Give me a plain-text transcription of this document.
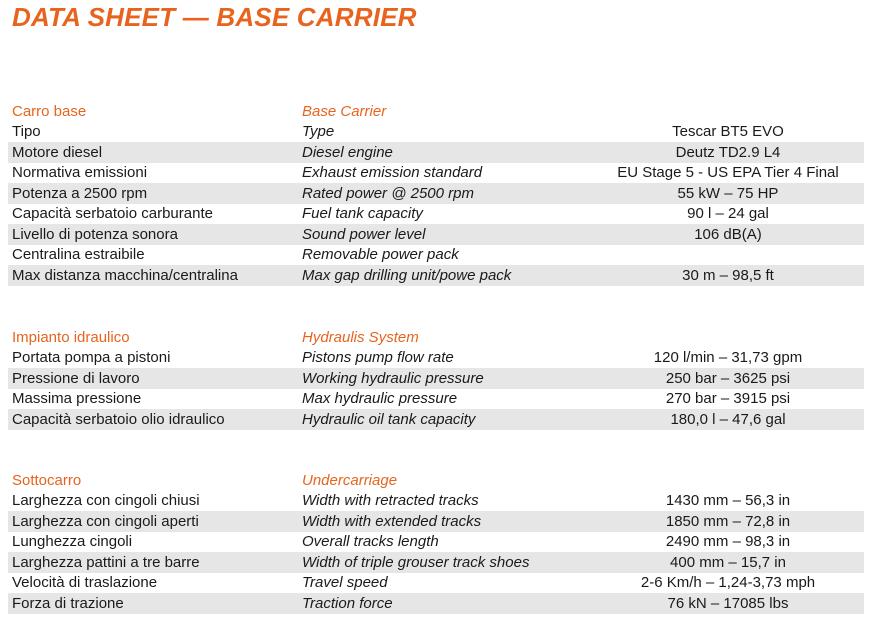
DATA SHEET — BASE CARRIER
Carro base	Base Carrier
Tipo	Type	Tescar BT5 EVO
Motore diesel	Diesel engine	Deutz TD2.9 L4
Normativa emissioni	Exhaust emission standard	EU Stage 5 - US EPA Tier 4 Final
Potenza a 2500 rpm	Rated power @ 2500 rpm	55 kW – 75 HP
Capacità serbatoio carburante	Fuel tank capacity	90 l – 24 gal
Livello di potenza sonora	Sound power level	106 dB(A)
Centralina estraibile	Removable power pack
Max distanza macchina/centralina	Max gap drilling unit/powe pack	30 m – 98,5 ft
Impianto idraulico	Hydraulis System
Portata pompa a pistoni	Pistons pump flow rate	120 l/min – 31,73 gpm
Pressione di lavoro	Working hydraulic pressure	250 bar – 3625 psi
Massima pressione	Max hydraulic pressure	270 bar – 3915 psi
Capacità serbatoio olio idraulico	Hydraulic oil tank capacity	180,0 l – 47,6 gal
Sottocarro	Undercarriage
Larghezza con cingoli chiusi	Width with retracted tracks	1430 mm – 56,3 in
Larghezza con cingoli aperti	Width with extended tracks	1850 mm – 72,8 in
Lunghezza cingoli	Overall tracks length	2490 mm – 98,3 in
Larghezza pattini a tre barre	Width of triple grouser track shoes	400 mm – 15,7 in
Velocità di traslazione	Travel speed	2-6 Km/h – 1,24-3,73 mph
Forza di trazione	Traction force	76 kN – 17085 lbs
